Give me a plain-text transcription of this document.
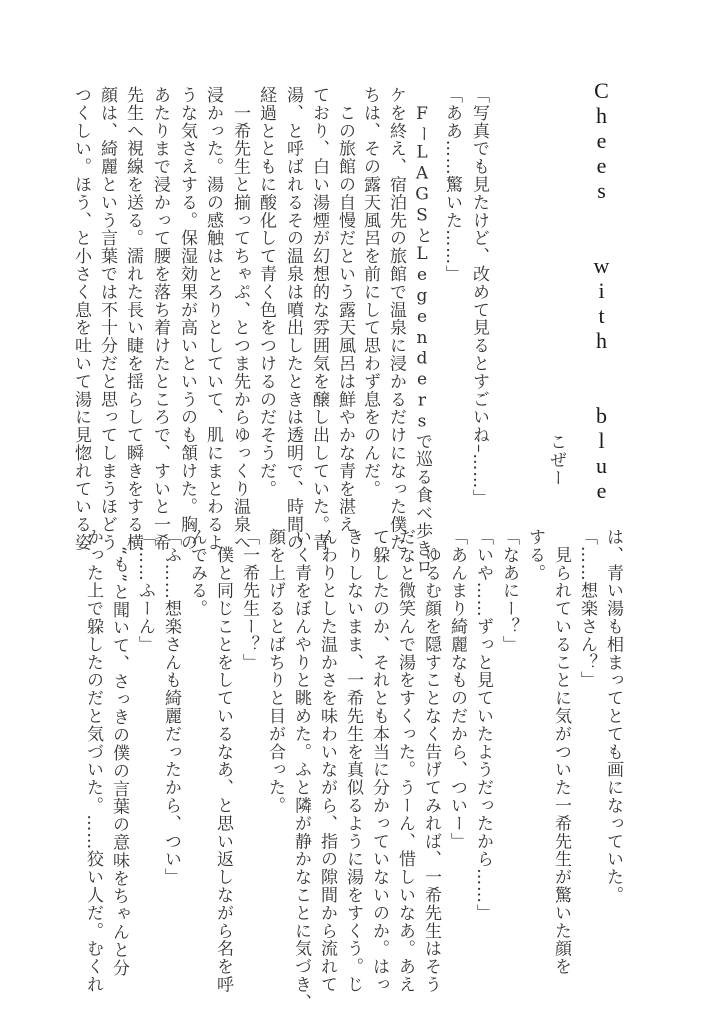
Chees  with  blue
こぜー
「写真でも見たけど、改めて見るとすごいね–……」
「ああ……驚いた……」
　FーLAGSとLegendersで巡る食べ歩きロ
ケを終え、宿泊先の旅館で温泉に浸かるだけになった僕た
ちは、その露天風呂を前にして思わず息をのんだ。
　この旅館の自慢だという露天風呂は鮮やかな青を湛え
ており、白い湯煙が幻想的な雰囲気を醸し出していた。青
湯、と呼ばれるその温泉は噴出したときは透明で、時間の
経過とともに酸化して青く色をつけるのだそうだ。
　一希先生と揃ってちゃぷ、とつま先からゆっくり温泉へ
浸かった。湯の感触はとろりとしていて、肌にまとわるよ
うな気さえする。保湿効果が高いというのも頷けた。胸の
あたりまで浸かって腰を落ち着けたところで、すいと一希
先生へ視線を送る。濡れた長い睫を揺らして瞬きをする横
顔は、綺麗という言葉では不十分だと思ってしまうほどう
つくしい。ほう、と小さく息を吐いて湯に見惚れている姿
は、青い湯も相まってとても画になっていた。
「……想楽さん？」
　見られていることに気がついた一希先生が驚いた顔を
する。
「なあにー？」
「いや……ずっと見ていたようだったから……」
「あんまり綺麗なものだから、ついー」
　ゆるむ顔を隠すことなく告げてみれば、一希先生はそう
だなと微笑んで湯をすくった。うーん、惜しいなあ。あえ
て躱したのか、それとも本当に分かっていないのか。はっ
きりしないまま、一希先生を真似るように湯をすくう。じ
んわりとした温かさを味わいながら、指の隙間から流れて
いく青をぼんやりと眺めた。ふと隣が静かなことに気づき、
顔を上げるとばちりと目が合った。
「一希先生ー？」
　僕と同じことをしているなあ、と思い返しながら名を呼
んでみる。
「ふ……想楽さんも綺麗だったから、つい」
「……ふーん」
　“も”と聞いて、さっきの僕の言葉の意味をちゃんと分
かった上で躱したのだと気づいた。……狡い人だ。むくれ
